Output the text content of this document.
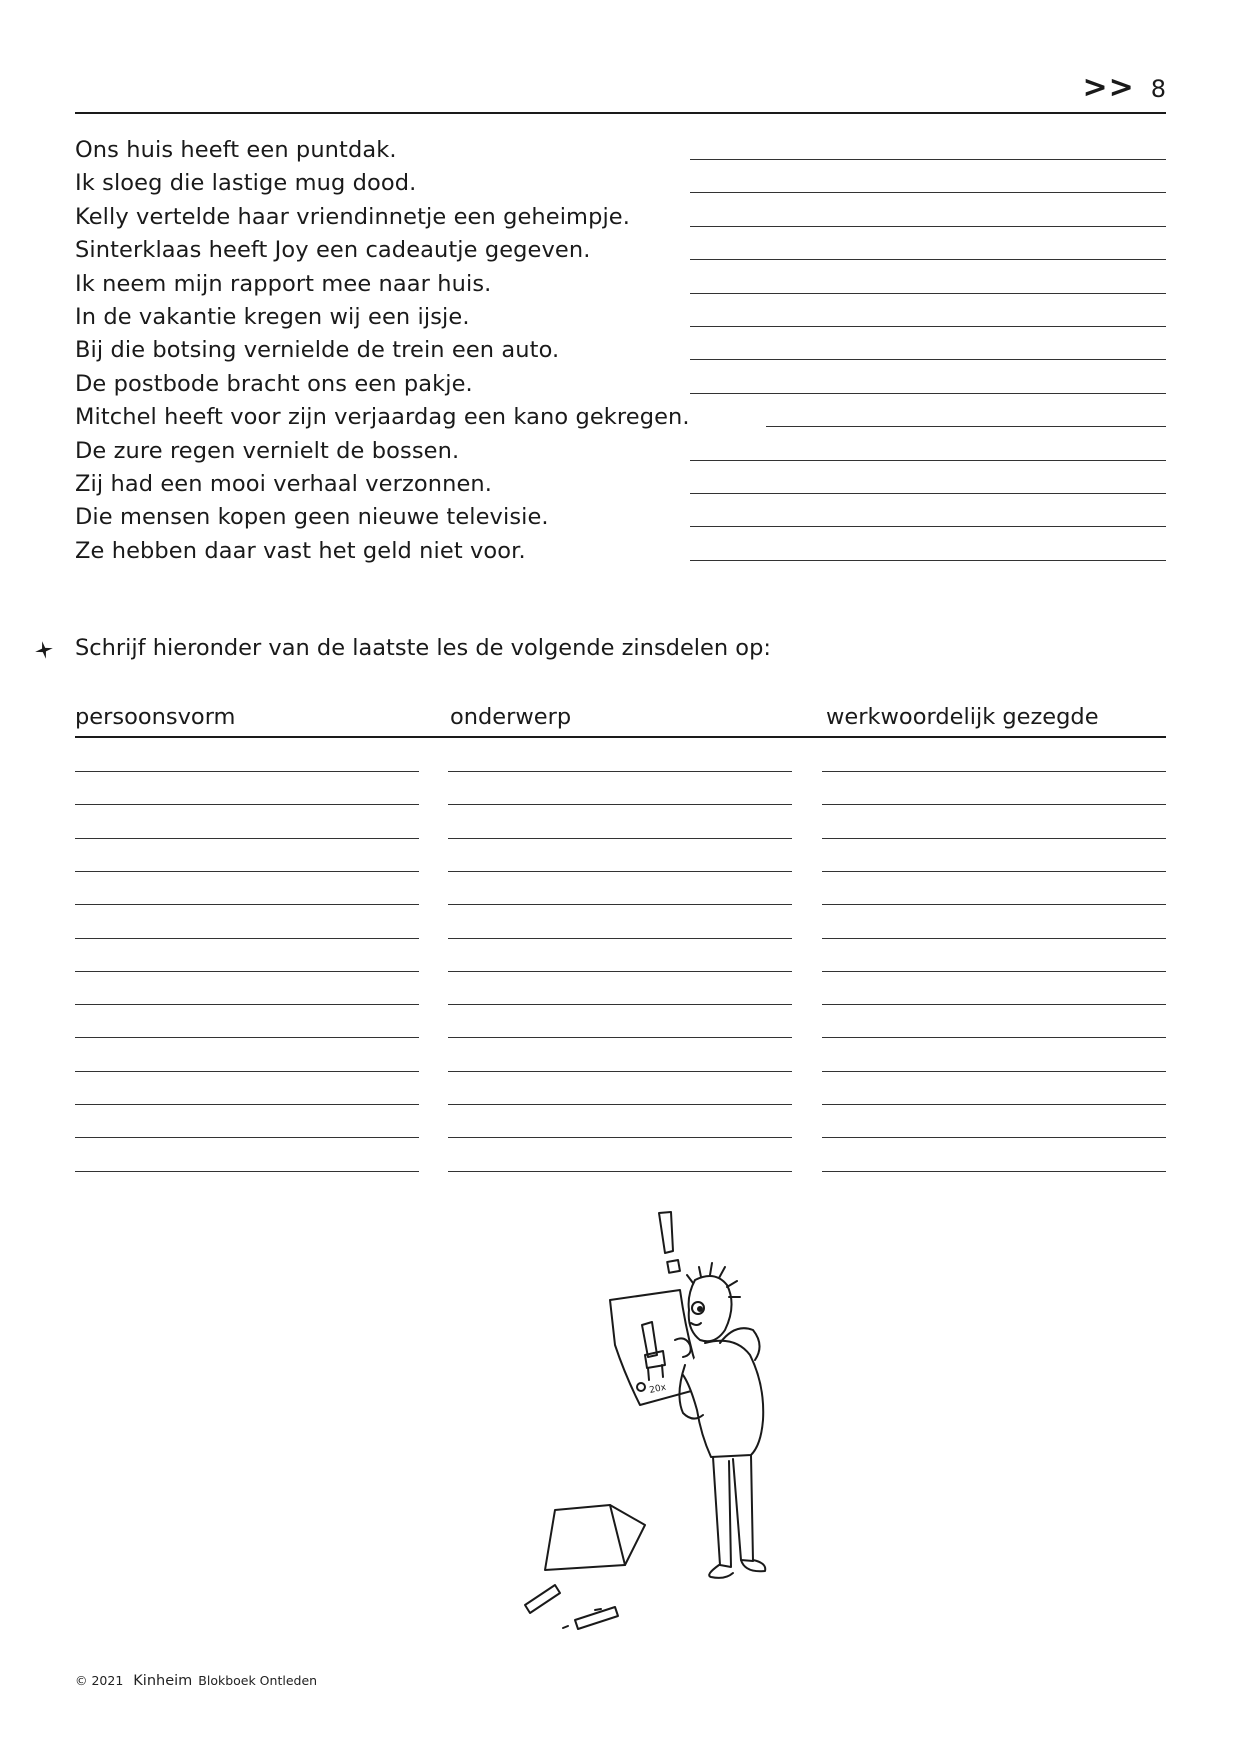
>> 8
Ons huis heeft een puntdak.
Ik sloeg die lastige mug dood.
Kelly vertelde haar vriendinnetje een geheimpje.
Sinterklaas heeft Joy een cadeautje gegeven.
Ik neem mijn rapport mee naar huis.
In de vakantie kregen wij een ijsje.
Bij die botsing vernielde de trein een auto.
De postbode bracht ons een pakje.
Mitchel heeft voor zijn verjaardag een kano gekregen.
De zure regen vernielt de bossen.
Zij had een mooi verhaal verzonnen.
Die mensen kopen geen nieuwe televisie.
Ze hebben daar vast het geld niet voor.
Schrijf hieronder van de laatste les de volgende zinsdelen op:
persoonsvorm	onderwerp	werkwoordelijk gezegde
20x
© 2021 Kinheim Blokboek Ontleden
